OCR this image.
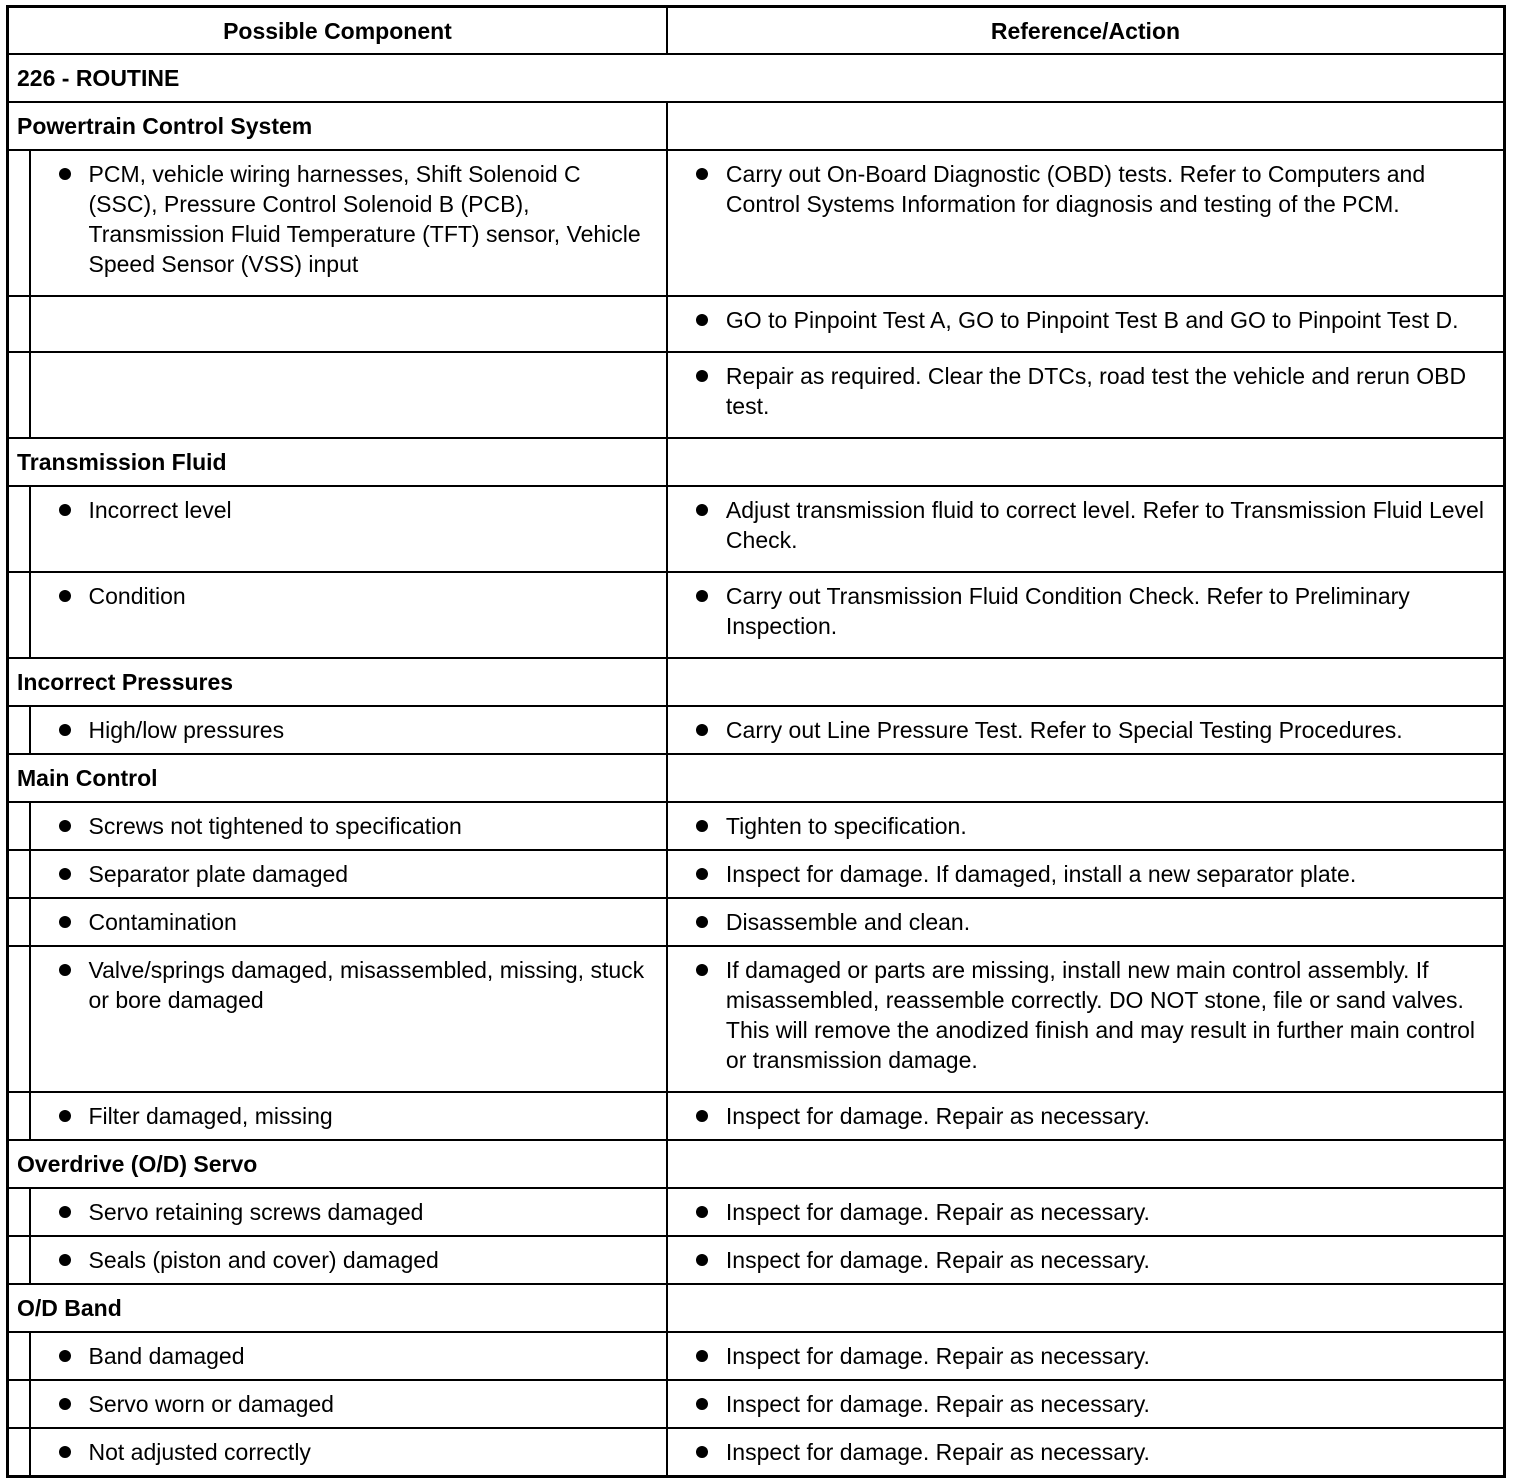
Possible Component		Reference/Action
226 - ROUTINE		
Powertrain Control System		

	PCM, vehicle wiring harnesses, Shift Solenoid C (SSC), Pressure Control Solenoid B (PCB), Transmission Fluid Temperature (TFT) sensor, Vehicle Speed Sensor (VSS) input	Carry out On-Board Diagnostic (OBD) tests. Refer to Computers and Control Systems Information for diagnosis and testing of the PCM.

		GO to Pinpoint Test A, GO to Pinpoint Test B and GO to Pinpoint Test D.

		Repair as required. Clear the DTCs, road test the vehicle and rerun OBD test.

Transmission Fluid		

	Incorrect level	Adjust transmission fluid to correct level. Refer to Transmission Fluid Level Check.

	Condition	Carry out Transmission Fluid Condition Check. Refer to Preliminary Inspection.

Incorrect Pressures		

	High/low pressures	Carry out Line Pressure Test. Refer to Special Testing Procedures.

Main Control		

	Screws not tightened to specification	Tighten to specification.

	Separator plate damaged	Inspect for damage. If damaged, install a new separator plate.

	Contamination	Disassemble and clean.

	Valve/springs damaged, misassembled, missing, stuck or bore damaged	If damaged or parts are missing, install new main control assembly. If misassembled, reassemble correctly. DO NOT stone, file or sand valves. This will remove the anodized finish and may result in further main control or transmission damage.

	Filter damaged, missing	Inspect for damage. Repair as necessary.

Overdrive (O/D) Servo		

	Servo retaining screws damaged	Inspect for damage. Repair as necessary.

	Seals (piston and cover) damaged	Inspect for damage. Repair as necessary.

O/D Band		

	Band damaged	Inspect for damage. Repair as necessary.

	Servo worn or damaged	Inspect for damage. Repair as necessary.

	Not adjusted correctly	Inspect for damage. Repair as necessary.
